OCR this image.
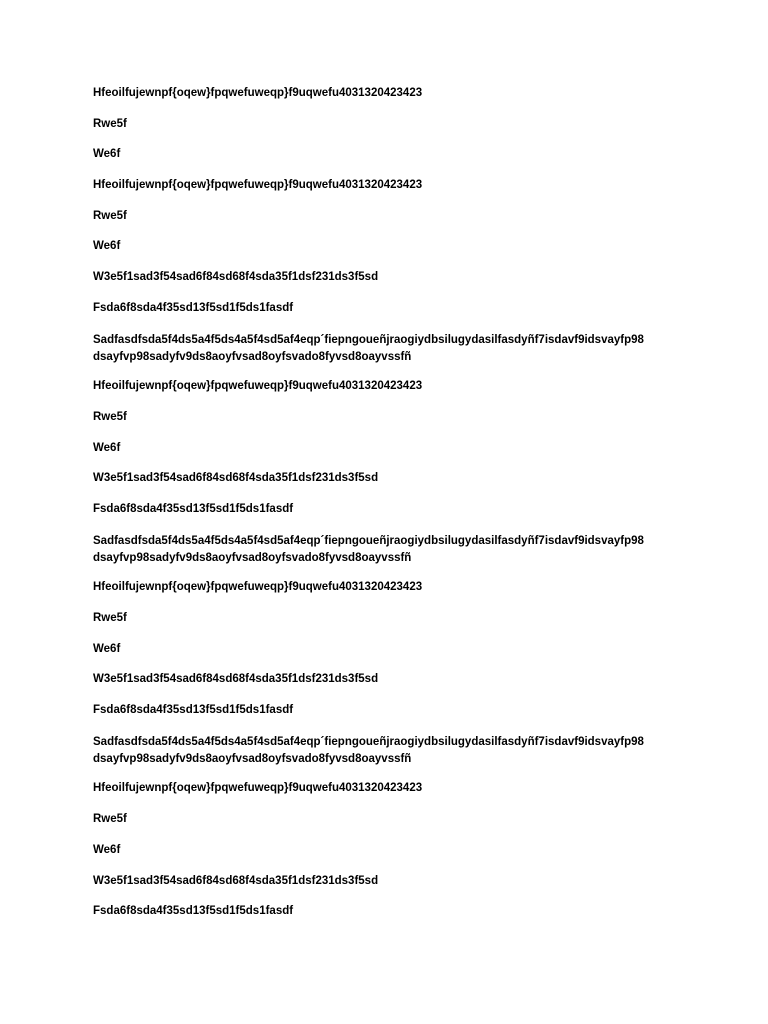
Hfeoilfujewnpf{oqew}fpqwefuweqp}f9uqwefu4031320423423

Rwe5f

We6f

Hfeoilfujewnpf{oqew}fpqwefuweqp}f9uqwefu4031320423423

Rwe5f

We6f

W3e5f1sad3f54sad6f84sd68f4sda35f1dsf231ds3f5sd

Fsda6f8sda4f35sd13f5sd1f5ds1fasdf

Sadfasdfsda5f4ds5a4f5ds4a5f4sd5af4eqp´fiepngoueñjraogiydbsilugydasilfasdyñf7isdavf9idsvayfp98
dsayfvp98sadyfv9ds8aoyfvsad8oyfsvado8fyvsd8oayvssfñ

Hfeoilfujewnpf{oqew}fpqwefuweqp}f9uqwefu4031320423423

Rwe5f

We6f

W3e5f1sad3f54sad6f84sd68f4sda35f1dsf231ds3f5sd

Fsda6f8sda4f35sd13f5sd1f5ds1fasdf

Sadfasdfsda5f4ds5a4f5ds4a5f4sd5af4eqp´fiepngoueñjraogiydbsilugydasilfasdyñf7isdavf9idsvayfp98
dsayfvp98sadyfv9ds8aoyfvsad8oyfsvado8fyvsd8oayvssfñ

Hfeoilfujewnpf{oqew}fpqwefuweqp}f9uqwefu4031320423423

Rwe5f

We6f

W3e5f1sad3f54sad6f84sd68f4sda35f1dsf231ds3f5sd

Fsda6f8sda4f35sd13f5sd1f5ds1fasdf

Sadfasdfsda5f4ds5a4f5ds4a5f4sd5af4eqp´fiepngoueñjraogiydbsilugydasilfasdyñf7isdavf9idsvayfp98
dsayfvp98sadyfv9ds8aoyfvsad8oyfsvado8fyvsd8oayvssfñ

Hfeoilfujewnpf{oqew}fpqwefuweqp}f9uqwefu4031320423423

Rwe5f

We6f

W3e5f1sad3f54sad6f84sd68f4sda35f1dsf231ds3f5sd

Fsda6f8sda4f35sd13f5sd1f5ds1fasdf
